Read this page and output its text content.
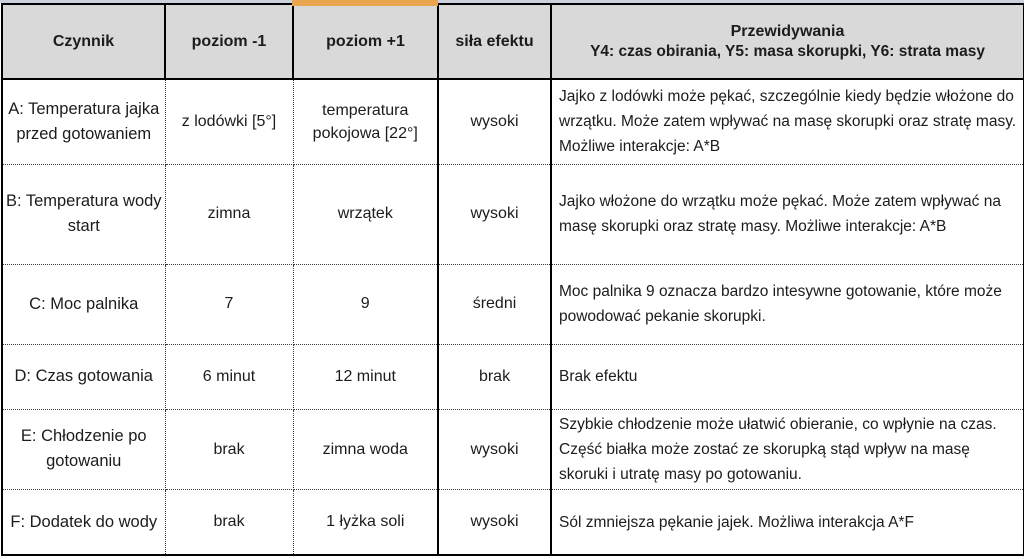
Czynnik	poziom -1	poziom +1	siła efektu	Przewidywania
Y4: czas obirania, Y5: masa skorupki, Y6: strata masy

A: Temperatura jajka przed gotowaniem	z lodówki [5°]	temperatura pokojowa [22°]	wysoki	Jajko z lodówki może pękać, szczególnie kiedy będzie włożone do wrzątku. Może zatem wpływać na masę skorupki oraz stratę masy. Możliwe interakcje: A*B
B: Temperatura wody start	zimna	wrzątek	wysoki	Jajko włożone do wrzątku może pękać. Może zatem wpływać na masę skorupki oraz stratę masy. Możliwe interakcje: A*B
C: Moc palnika	7	9	średni	Moc palnika 9 oznacza bardzo intesywne gotowanie, które może powodować pekanie skorupki.
D: Czas gotowania	6 minut	12 minut	brak	Brak efektu
E: Chłodzenie po gotowaniu	brak	zimna woda	wysoki	Szybkie chłodzenie może ułatwić obieranie, co wpłynie na czas. Część białka może zostać ze skorupką stąd wpływ na masę skoruki i utratę masy po gotowaniu.
F: Dodatek do wody	brak	1 łyżka soli	wysoki	Sól zmniejsza pękanie jajek. Możliwa interakcja A*F
